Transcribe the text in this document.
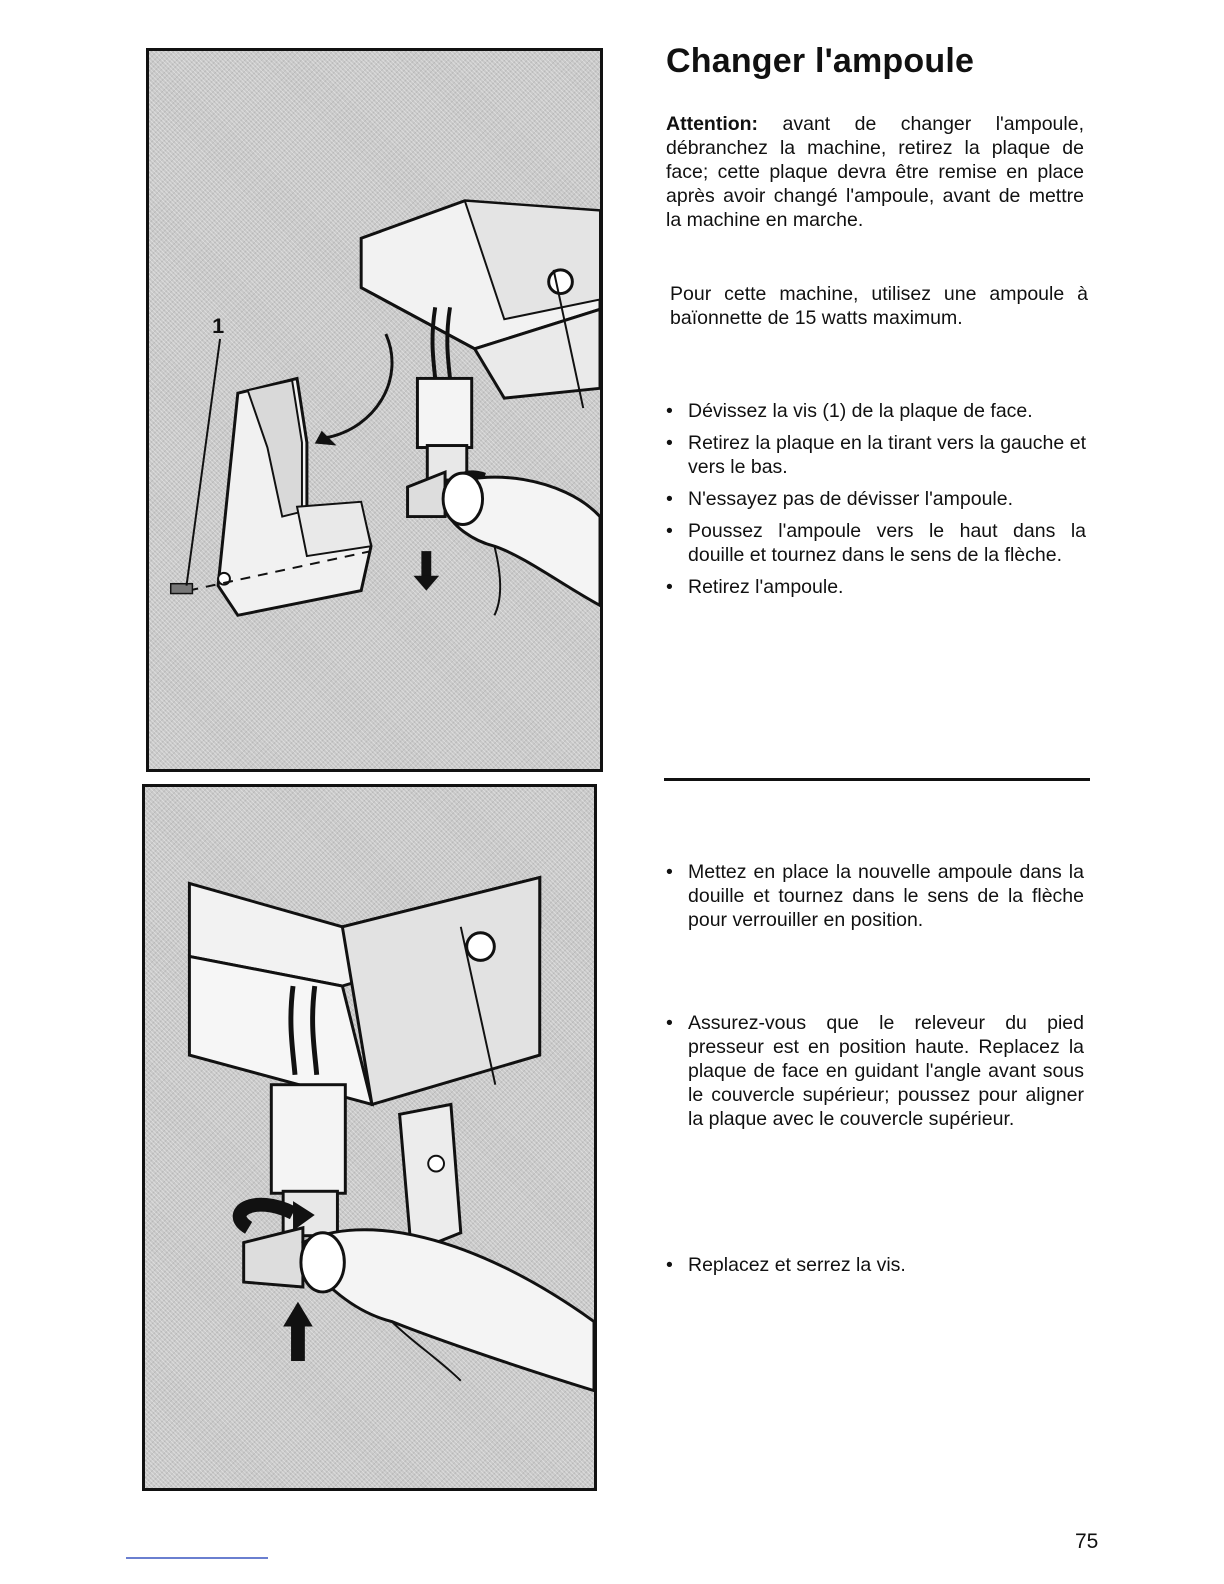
1
Changer l'ampoule

Attention: avant de changer l'ampoule, débranchez la machine, retirez la plaque de face; cette plaque devra être remise en place après avoir changé l'ampoule, avant de mettre la machine en marche.

Pour cette machine, utilisez une ampoule à baïonnette de 15 watts maximum.

• Dévissez la vis (1) de la plaque de face.
• Retirez la plaque en la tirant vers la gauche et vers le bas.
• N'essayez pas de dévisser l'ampoule.
• Poussez l'ampoule vers le haut dans la douille et tournez dans le sens de la flèche.
• Retirez l'ampoule.
• Mettez en place la nouvelle ampoule dans la douille et tournez dans le sens de la flèche pour verrouiller en position.
• Assurez-vous que le releveur du pied presseur est en position haute. Replacez la plaque de face en guidant l'angle avant sous le couvercle supérieur; poussez pour aligner la plaque avec le couvercle supérieur.
• Replacez et serrez la vis.
75
